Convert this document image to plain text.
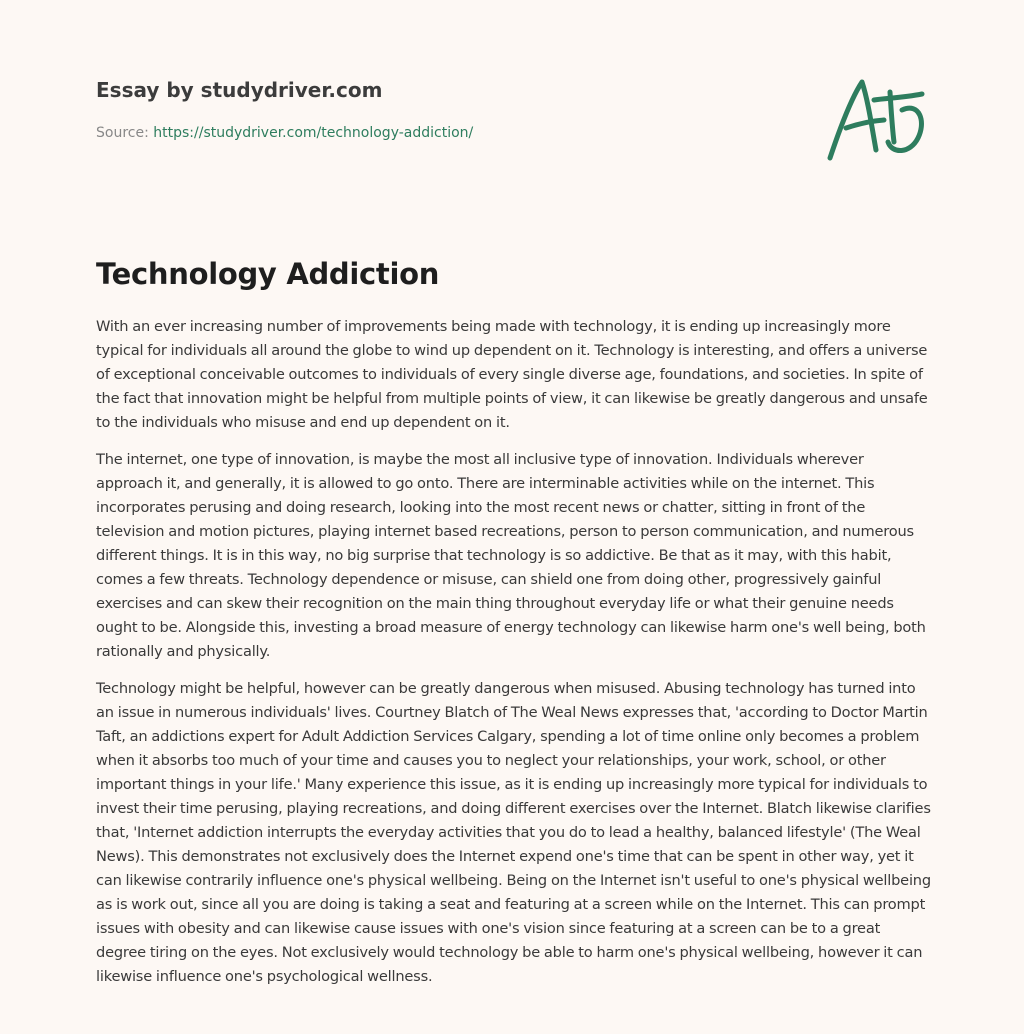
Essay by studydriver.com
Source: https://studydriver.com/technology-addiction/
Technology Addiction

With an ever increasing number of improvements being made with technology, it is ending up increasingly more typical for individuals all around the globe to wind up dependent on it. Technology is interesting, and offers a universe of exceptional conceivable outcomes to individuals of every single diverse age, foundations, and societies. In spite of the fact that innovation might be helpful from multiple points of view, it can likewise be greatly dangerous and unsafe to the individuals who misuse and end up dependent on it.

The internet, one type of innovation, is maybe the most all inclusive type of innovation. Individuals wherever approach it, and generally, it is allowed to go onto. There are interminable activities while on the internet. This incorporates perusing and doing research, looking into the most recent news or chatter, sitting in front of the television and motion pictures, playing internet based recreations, person to person communication, and numerous different things. It is in this way, no big surprise that technology is so addictive. Be that as it may, with this habit, comes a few threats. Technology dependence or misuse, can shield one from doing other, progressively gainful exercises and can skew their recognition on the main thing throughout everyday life or what their genuine needs ought to be. Alongside this, investing a broad measure of energy technology can likewise harm one's well being, both rationally and physically.

Technology might be helpful, however can be greatly dangerous when misused. Abusing technology has turned into an issue in numerous individuals' lives. Courtney Blatch of The Weal News expresses that, 'according to Doctor Martin Taft, an addictions expert for Adult Addiction Services Calgary, spending a lot of time online only becomes a problem when it absorbs too much of your time and causes you to neglect your relationships, your work, school, or other important things in your life.' Many experience this issue, as it is ending up increasingly more typical for individuals to invest their time perusing, playing recreations, and doing different exercises over the Internet. Blatch likewise clarifies that, 'Internet addiction interrupts the everyday activities that you do to lead a healthy, balanced lifestyle' (The Weal News). This demonstrates not exclusively does the Internet expend one's time that can be spent in other way, yet it can likewise contrarily influence one's physical wellbeing. Being on the Internet isn't useful to one's physical wellbeing as is work out, since all you are doing is taking a seat and featuring at a screen while on the Internet. This can prompt issues with obesity and can likewise cause issues with one's vision since featuring at a screen can be to a great degree tiring on the eyes. Not exclusively would technology be able to harm one's physical wellbeing, however it can likewise influence one's psychological wellness.
